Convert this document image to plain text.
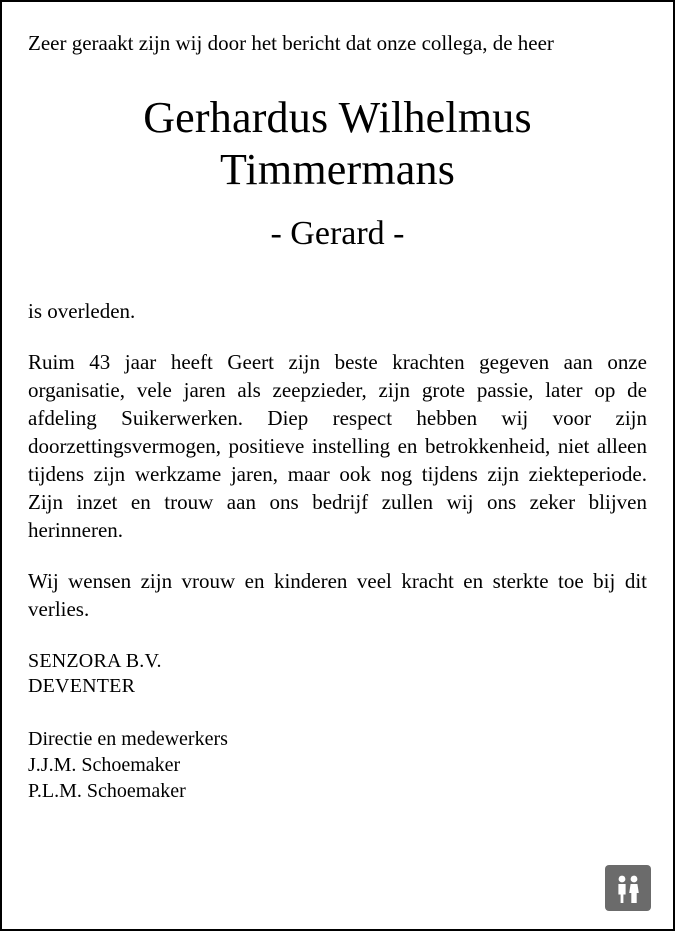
Zeer geraakt zijn wij door het bericht dat onze collega, de heer

Gerhardus Wilhelmus Timmermans
- Gerard -

is overleden.

Ruim 43 jaar heeft Geert zijn beste krachten gegeven aan onze organisatie, vele jaren als zeepzieder, zijn grote passie, later op de afdeling Suikerwerken. Diep respect hebben wij voor zijn doorzettingsvermogen, positieve instelling en betrokkenheid, niet alleen tijdens zijn werkzame jaren, maar ook nog tijdens zijn ziekteperiode. Zijn inzet en trouw aan ons bedrijf zullen wij ons zeker blijven herinneren.

Wij wensen zijn vrouw en kinderen veel kracht en sterkte toe bij dit verlies.

SENZORA B.V.
DEVENTER
Directie en medewerkers
J.J.M. Schoemaker
P.L.M. Schoemaker
